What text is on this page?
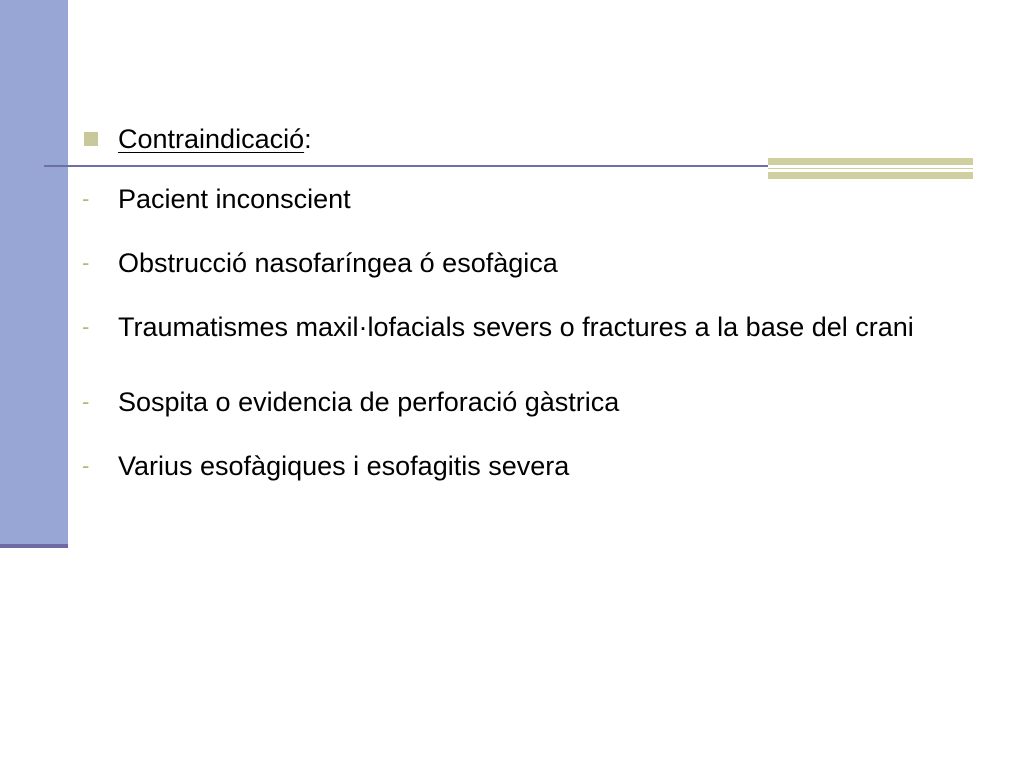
Contraindicació :
-	Pacient inconscient
-	Obstrucció nasofaríngea ó esofàgica
-	Traumatismes maxil·lofacials severs o fractures a la base del crani
-	Sospita o evidencia de perforació gàstrica
-	Varius esofàgiques i esofagitis severa
